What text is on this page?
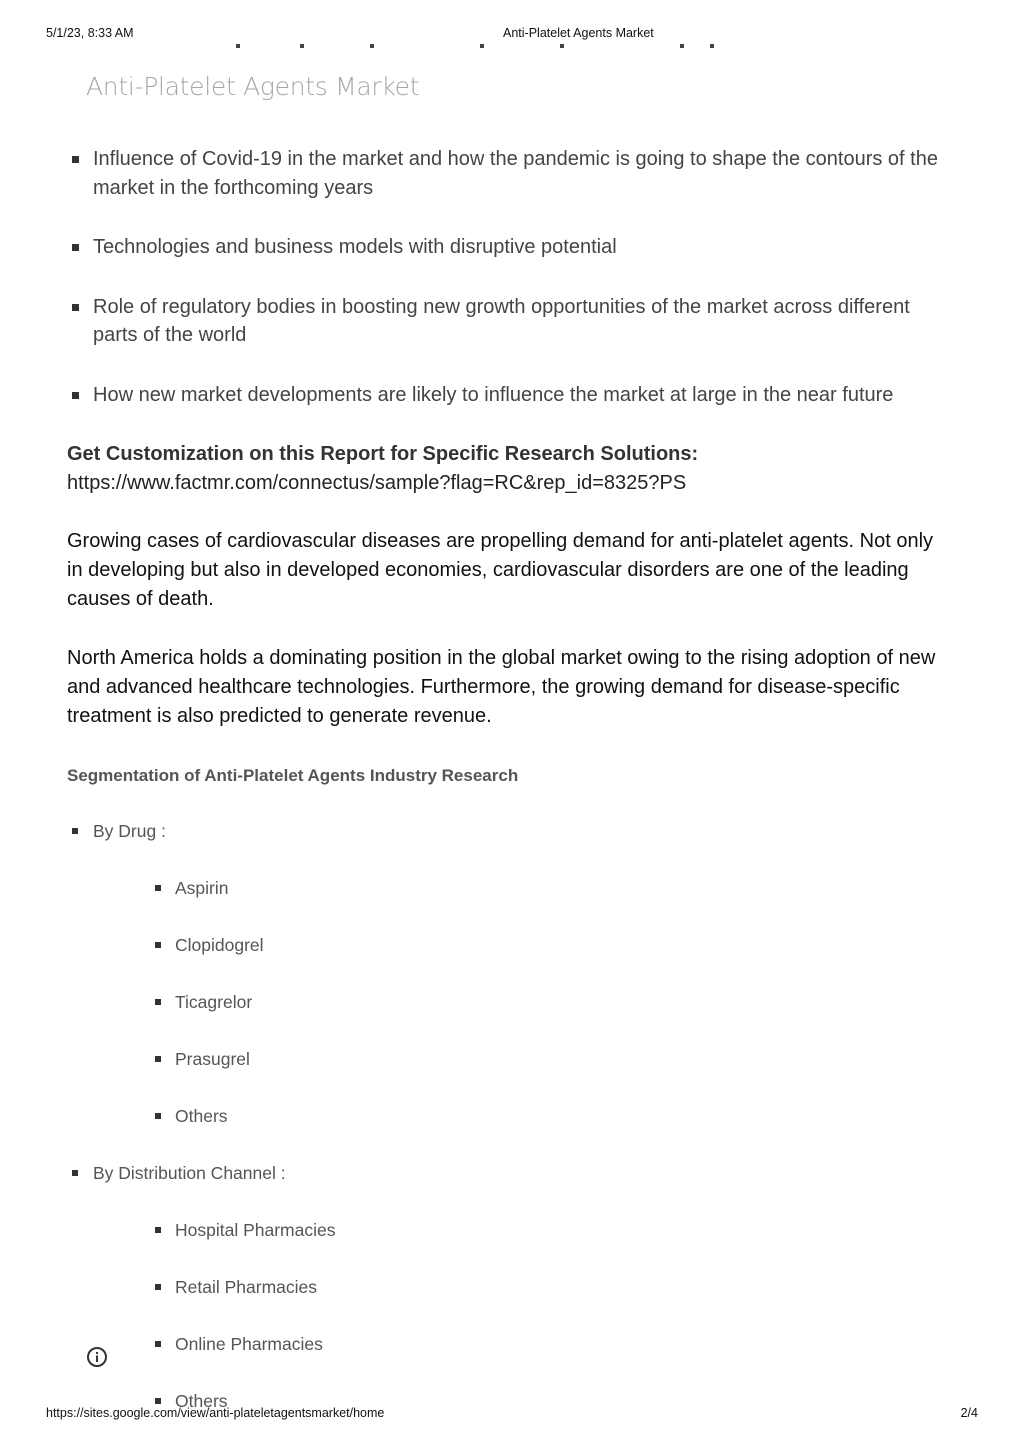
5/1/23, 8:33 AM	Anti-Platelet Agents Market
Anti-Platelet Agents Market
Influence of Covid-19 in the market and how the pandemic is going to shape the contours of the market in the forthcoming years
Technologies and business models with disruptive potential
Role of regulatory bodies in boosting new growth opportunities of the market across different parts of the world
How new market developments are likely to influence the market at large in the near future

Get Customization on this Report for Specific Research Solutions:
https://www.factmr.com/connectus/sample?flag=RC&rep_id=8325?PS

Growing cases of cardiovascular diseases are propelling demand for anti-platelet agents. Not only in developing but also in developed economies, cardiovascular disorders are one of the leading causes of death.

North America holds a dominating position in the global market owing to the rising adoption of new and advanced healthcare technologies. Furthermore, the growing demand for disease-specific treatment is also predicted to generate revenue.

Segmentation of Anti-Platelet Agents Industry Research
By Drug :
Aspirin
Clopidogrel
Ticagrelor
Prasugrel
Others
By Distribution Channel :
Hospital Pharmacies
Retail Pharmacies
Online Pharmacies
Others
https://sites.google.com/view/anti-plateletagentsmarket/home	2/4
